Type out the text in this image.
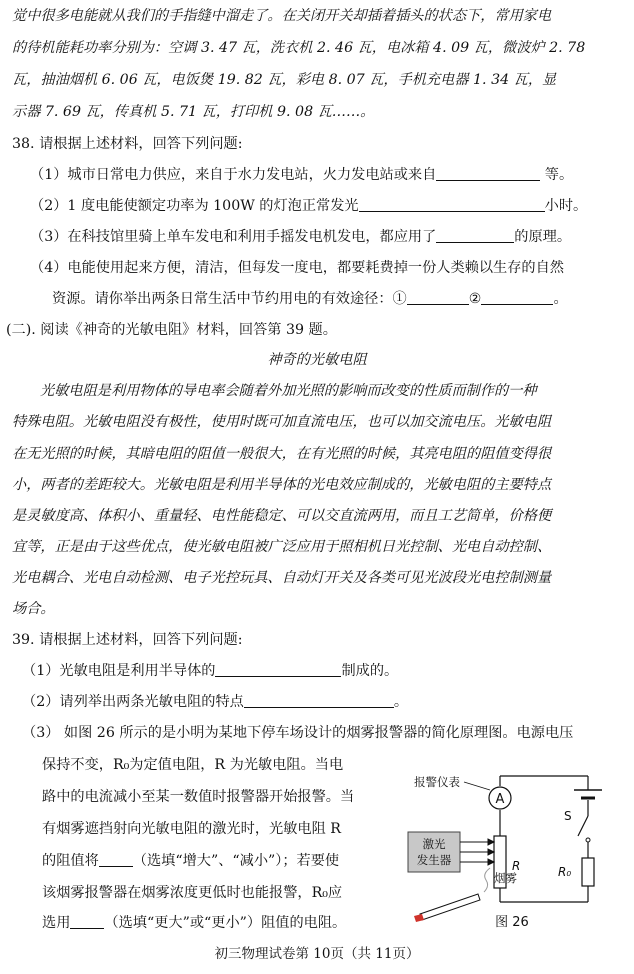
觉中很多电能就从我们的手指缝中溜走了。在关闭开关却插着插头的状态下，常用家电
的待机能耗功率分别为：空调 3. 47 瓦，洗衣机 2. 46 瓦，电冰箱 4. 09 瓦，微波炉 2. 78
瓦，抽油烟机 6. 06 瓦，电饭煲 19. 82 瓦，彩电 8. 07 瓦，手机充电器 1. 34 瓦，显
示器 7. 69 瓦，传真机 5. 71 瓦，打印机 9. 08 瓦……。
38. 请根据上述材料，回答下列问题:
（1）城市日常电力供应，来自于水力发电站，火力发电站或来自	等。
（2）1 度电能使额定功率为 100W 的灯泡正常发光	小时。
（3）在科技馆里骑上单车发电和利用手摇发电机发电，都应用了	的原理。
（4）电能使用起来方便，清洁，但每发一度电，都要耗费掉一份人类赖以生存的自然
资源。请你举出两条日常生活中节约用电的有效途径：①	②	。
(二). 阅读《神奇的光敏电阻》材料，回答第 39 题。
神奇的光敏电阻
光敏电阻是利用物体的导电率会随着外加光照的影响而改变的性质而制作的一种
特殊电阻。光敏电阻没有极性，使用时既可加直流电压，也可以加交流电压。光敏电阻
在无光照的时候，其暗电阻的阻值一般很大，在有光照的时候，其亮电阻的阻值变得很
小，两者的差距较大。光敏电阻是利用半导体的光电效应制成的，光敏电阻的主要特点
是灵敏度高、体积小、重量轻、电性能稳定、可以交直流两用，而且工艺简单，价格便
宜等，正是由于这些优点，使光敏电阻被广泛应用于照相机日光控制、光电自动控制、
光电耦合、光电自动检测、电子光控玩具、自动灯开关及各类可见光波段光电控制测量
场合。
39. 请根据上述材料，回答下列问题:
（1）光敏电阻是利用半导体的	制成的。
（2）请列举出两条光敏电阻的特点	。
（3） 如图 26 所示的是小明为某地下停车场设计的烟雾报警器的简化原理图。电源电压
保持不变，R₀为定值电阻，R 为光敏电阻。当电
路中的电流减小至某一数值时报警器开始报警。当
有烟雾遮挡射向光敏电阻的激光时，光敏电阻 R
的阻值将 （选填“增大”、“减小”）；若要使
该烟雾报警器在烟雾浓度更低时也能报警，R₀应
选用 （选填“更大”或“更小”）阻值的电阻。
S
R₀
A
报警仪表
R
激光
发生器
烟雾
图 26
初三物理试卷第 10页（共 11页）
